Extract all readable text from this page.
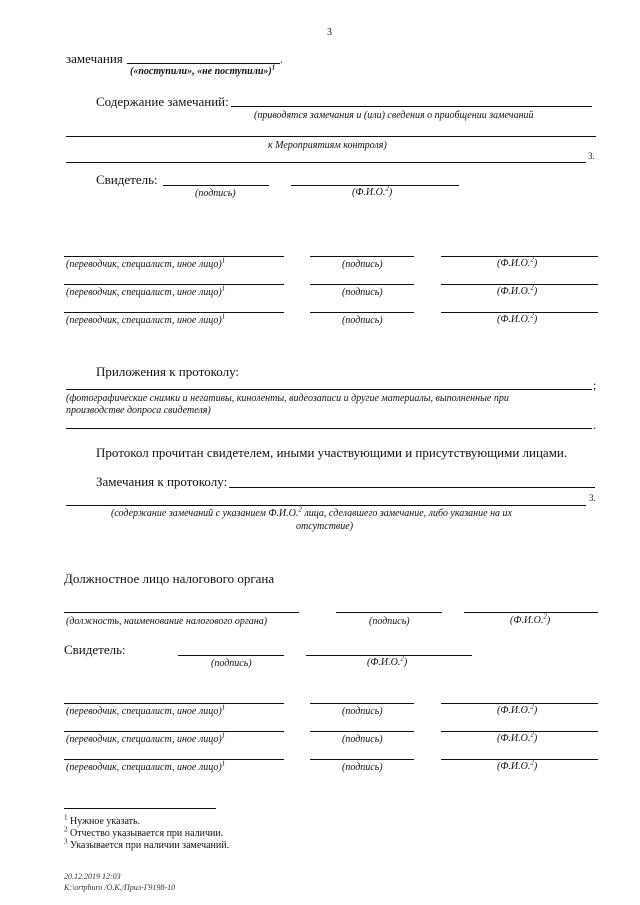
3
замечания	.
(«поступили», «не поступили»)$^1$
Содержание замечаний:
(приводятся замечания и (или) сведения о приобщении замечаний
к Мероприятиям контроля)
3.
Свидетель:
(подпись)	(Ф.И.О.$^2$)
(переводчик, специалист, иное лицо)$^1$	(подпись)	(Ф.И.О.$^2$)
(переводчик, специалист, иное лицо)$^1$	(подпись)	(Ф.И.О.$^2$)
(переводчик, специалист, иное лицо)$^1$	(подпись)	(Ф.И.О.$^2$)
Приложения к протоколу:
;
(фотографические снимки и негативы, киноленты, видеозаписи и другие материалы, выполненные при производстве допроса свидетеля)
.
Протокол прочитан свидетелем, иными участвующими и присутствующими лицами.
Замечания к протоколу:
3.
(содержание замечаний с указанием Ф.И.О.$^2$ лица, сделавшего замечание, либо указание на их
отсутствие)
Должностное лицо налогового органа
(должность, наименование налогового органа)	(подпись)	(Ф.И.О.$^2$)
Свидетель:
(подпись)	(Ф.И.О.$^2$)
(переводчик, специалист, иное лицо)$^1$	(подпись)	(Ф.И.О.$^2$)
(переводчик, специалист, иное лицо)$^1$	(подпись)	(Ф.И.О.$^2$)
(переводчик, специалист, иное лицо)$^1$	(подпись)	(Ф.И.О.$^2$)
$^1$ Нужное указать.
$^2$ Отчество указывается при наличии.
$^3$ Указывается при наличии замечаний.
20.12.2019 12:03
K:\ortphuro /O.K./Прил-Г9198-10
